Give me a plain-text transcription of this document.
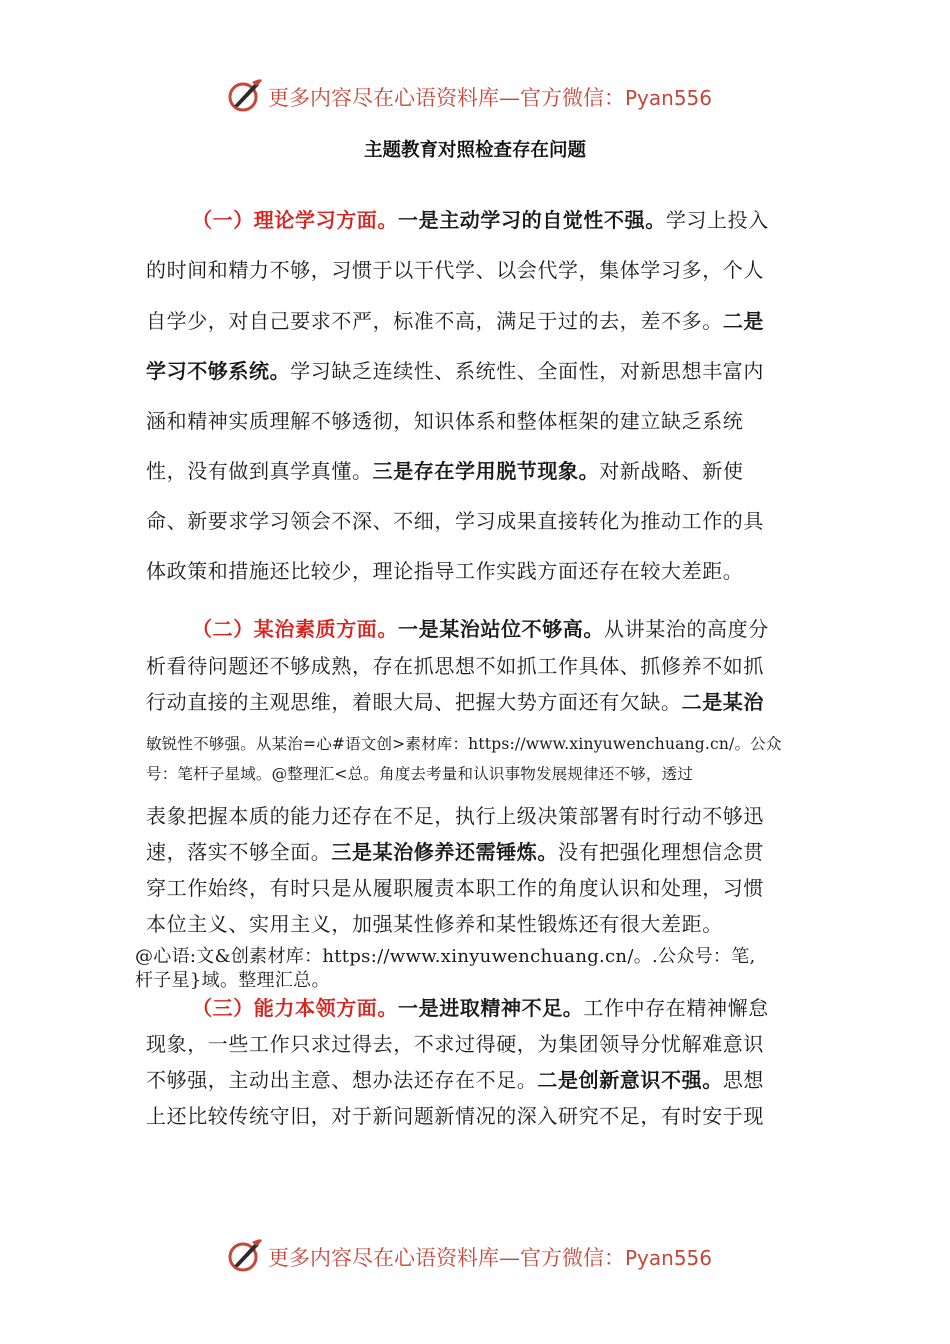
更多内容尽在心语资料库—官方微信：Pyan556
主题教育对照检查存在问题
（一）理论学习方面。一是主动学习的自觉性不强。学习上投入
的时间和精力不够，习惯于以干代学、以会代学，集体学习多，个人
自学少，对自己要求不严，标准不高，满足于过的去，差不多。二是
学习不够系统。学习缺乏连续性、系统性、全面性，对新思想丰富内
涵和精神实质理解不够透彻，知识体系和整体框架的建立缺乏系统
性，没有做到真学真懂。三是存在学用脱节现象。对新战略、新使
命、新要求学习领会不深、不细，学习成果直接转化为推动工作的具
体政策和措施还比较少，理论指导工作实践方面还存在较大差距。
（二）某治素质方面。一是某治站位不够高。从讲某治的高度分
析看待问题还不够成熟，存在抓思想不如抓工作具体、抓修养不如抓
行动直接的主观思维，着眼大局、把握大势方面还有欠缺。二是某治
敏锐性不够强。从某治=心#语文创>素材库：https://www.xinyuwenchuang.cn/。公众
号：笔杆子星域。@整理汇<总。角度去考量和认识事物发展规律还不够，透过
表象把握本质的能力还存在不足，执行上级决策部署有时行动不够迅
速，落实不够全面。三是某治修养还需锤炼。没有把强化理想信念贯
穿工作始终，有时只是从履职履责本职工作的角度认识和处理，习惯
本位主义、实用主义，加强某性修养和某性锻炼还有很大差距。
@心语:文&创素材库：https://www.xinyuwenchuang.cn/。.公众号：笔,
杆子星}域。整理汇总。
（三）能力本领方面。一是进取精神不足。工作中存在精神懈怠
现象，一些工作只求过得去，不求过得硬，为集团领导分忧解难意识
不够强，主动出主意、想办法还存在不足。二是创新意识不强。思想
上还比较传统守旧，对于新问题新情况的深入研究不足，有时安于现
更多内容尽在心语资料库—官方微信：Pyan556
